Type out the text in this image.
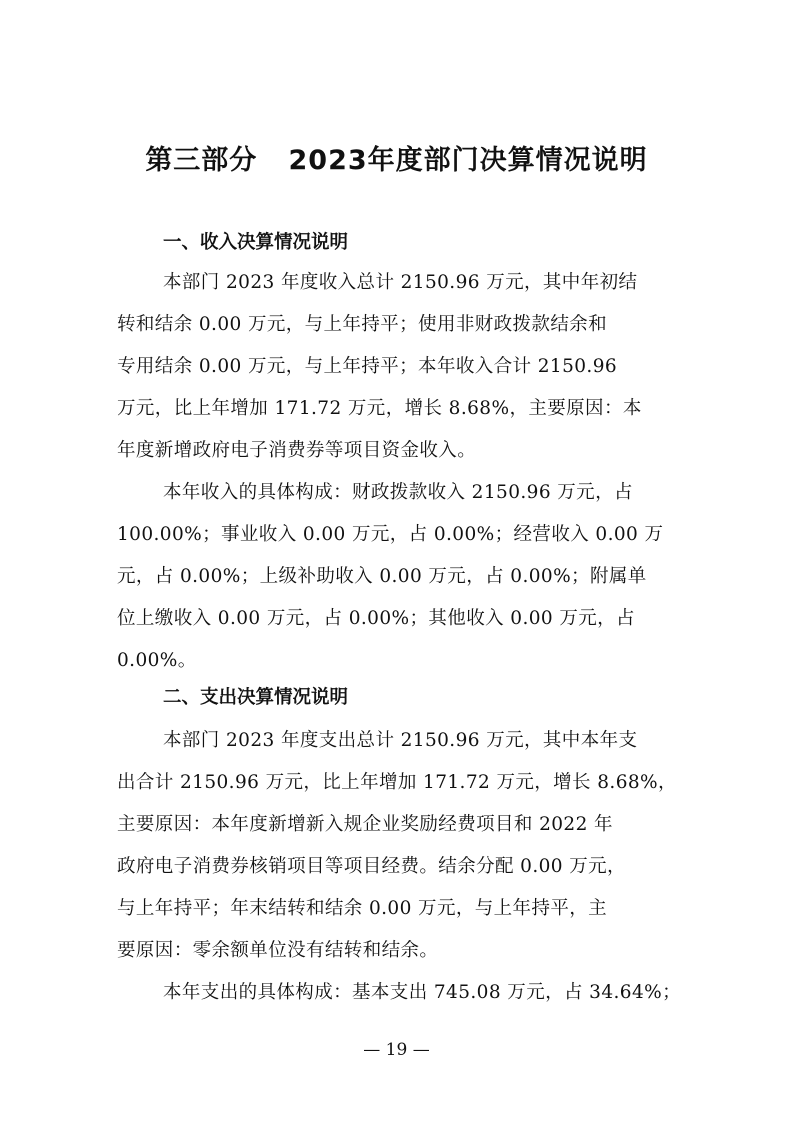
第三部分   2023年度部门决算情况说明
一、收入决算情况说明

本部门 2023 年度收入总计 2150.96 万元，其中年初结

转和结余 0.00 万元，与上年持平；使用非财政拨款结余和

专用结余 0.00 万元，与上年持平；本年收入合计 2150.96

万元，比上年增加 171.72 万元，增长 8.68%，主要原因：本

年度新增政府电子消费券等项目资金收入。

本年收入的具体构成：财政拨款收入 2150.96 万元，占

100.00%；事业收入 0.00 万元，占 0.00%；经营收入 0.00 万

元，占 0.00%；上级补助收入 0.00 万元，占 0.00%；附属单

位上缴收入 0.00 万元，占 0.00%；其他收入 0.00 万元，占

0.00%。

二、支出决算情况说明

本部门 2023 年度支出总计 2150.96 万元，其中本年支

出合计 2150.96 万元，比上年增加 171.72 万元，增长 8.68%，

主要原因：本年度新增新入规企业奖励经费项目和 2022 年

政府电子消费券核销项目等项目经费。结余分配 0.00 万元，

与上年持平；年末结转和结余 0.00 万元，与上年持平，主

要原因：零余额单位没有结转和结余。

本年支出的具体构成：基本支出 745.08 万元，占 34.64%；

— 19 —
